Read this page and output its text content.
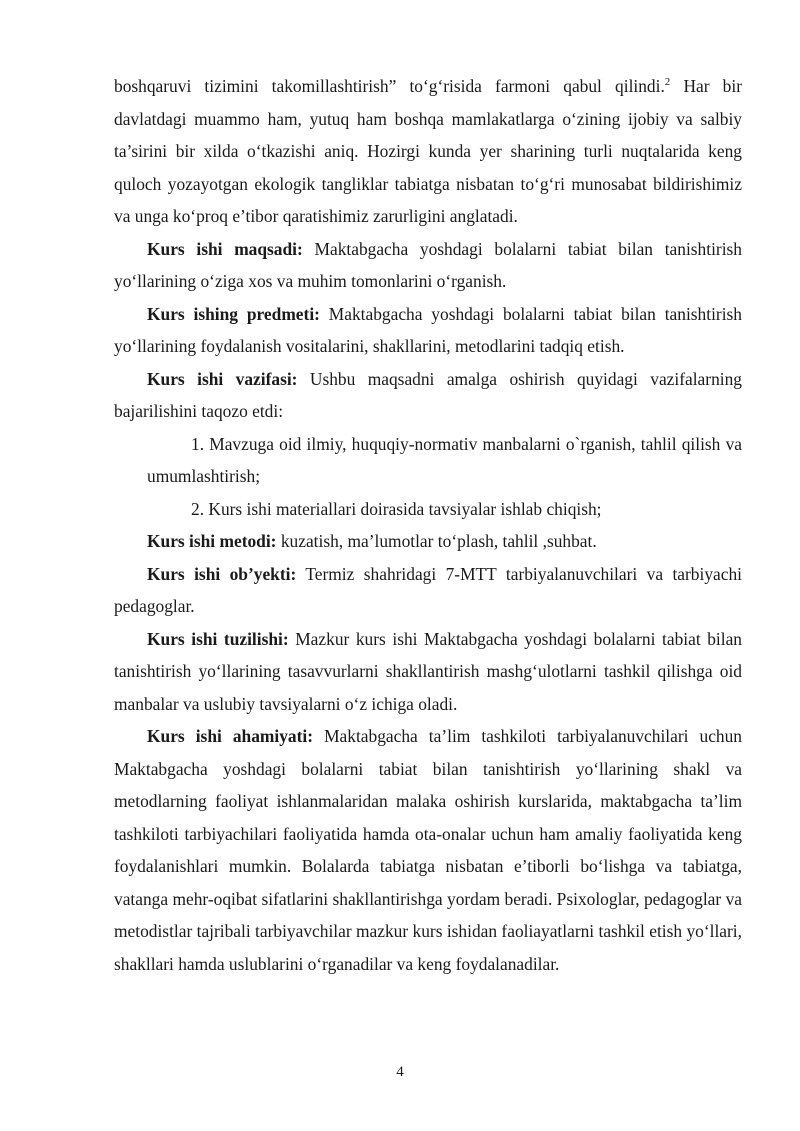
boshqaruvi tizimini takomillashtirish” to‘g‘risida farmoni qabul qilindi.$^2$ Har bir davlatdagi muammo ham, yutuq ham boshqa mamlakatlarga o‘zining ijobiy va salbiy ta’sirini bir xilda o‘tkazishi aniq. Hozirgi kunda yer sharining turli nuqtalarida keng quloch yozayotgan ekologik tangliklar tabiatga nisbatan to‘g‘ri munosabat bildirishimiz va unga ko‘proq e’tibor qaratishimiz zarurligini anglatadi.

Kurs ishi maqsadi: Maktabgacha yoshdagi bolalarni tabiat bilan tanishtirish yo‘llarining o‘ziga xos va muhim tomonlarini o‘rganish.

Kurs ishing predmeti: Maktabgacha yoshdagi bolalarni tabiat bilan tanishtirish yo‘llarining foydalanish vositalarini, shakllarini, metodlarini tadqiq etish.

Kurs ishi vazifasi: Ushbu maqsadni amalga oshirish quyidagi vazifalarning bajarilishini taqozo etdi:

1. Mavzuga oid ilmiy, huquqiy-normativ manbalarni o`rganish, tahlil qilish va umumlashtirish;

2. Kurs ishi materiallari doirasida tavsiyalar ishlab chiqish;

Kurs ishi metodi: kuzatish, ma’lumotlar to‘plash, tahlil ,suhbat.

Kurs ishi ob’yekti: Termiz shahridagi 7-MTT tarbiyalanuvchilari va tarbiyachi pedagoglar.

Kurs ishi tuzilishi: Mazkur kurs ishi Maktabgacha yoshdagi bolalarni tabiat bilan tanishtirish yo‘llarining tasavvurlarni shakllantirish mashg‘ulotlarni tashkil qilishga oid manbalar va uslubiy tavsiyalarni o‘z ichiga oladi.

Kurs ishi ahamiyati: Maktabgacha ta’lim tashkiloti tarbiyalanuvchilari uchun Maktabgacha yoshdagi bolalarni tabiat bilan tanishtirish yo‘llarining shakl va metodlarning faoliyat ishlanmalaridan malaka oshirish kurslarida, maktabgacha ta’lim tashkiloti tarbiyachilari faoliyatida hamda ota-onalar uchun ham amaliy faoliyatida keng foydalanishlari mumkin. Bolalarda tabiatga nisbatan e’tiborli bo‘lishga va tabiatga, vatanga mehr-oqibat sifatlarini shakllantirishga yordam beradi. Psixologlar, pedagoglar va metodistlar tajribali tarbiyavchilar mazkur kurs ishidan faoliayatlarni tashkil etish yo‘llari, shakllari hamda uslublarini o‘rganadilar va keng foydalanadilar.

4
